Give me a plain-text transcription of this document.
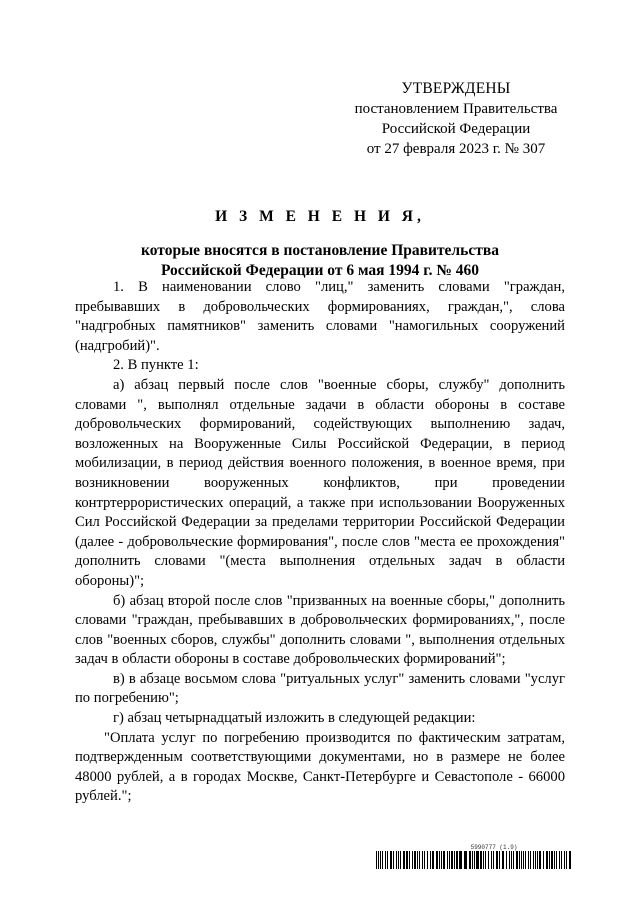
УТВЕРЖДЕНЫ
постановлением Правительства
Российской Федерации
от 27 февраля 2023 г. № 307
И З М Е Н Е Н И Я,
которые вносятся в постановление Правительства
Российской Федерации от 6 мая 1994 г. № 460

1. В наименовании слово "лиц," заменить словами "граждан, пребывавших в добровольческих формированиях, граждан,", слова "надгробных памятников" заменить словами "намогильных сооружений (надгробий)".

2. В пункте 1:

а) абзац первый после слов "военные сборы, службу" дополнить словами ", выполнял отдельные задачи в области обороны в составе добровольческих формирований, содействующих выполнению задач, возложенных на Вооруженные Силы Российской Федерации, в период мобилизации, в период действия военного положения, в военное время, при возникновении вооруженных конфликтов, при проведении контртеррористических операций, а также при использовании Вооруженных Сил Российской Федерации за пределами территории Российской Федерации (далее - добровольческие формирования", после слов "места ее прохождения" дополнить словами "(места выполнения отдельных задач в области обороны)";

б) абзац второй после слов "призванных на военные сборы," дополнить словами "граждан, пребывавших в добровольческих формированиях,", после слов "военных сборов, службы" дополнить словами ", выполнения отдельных задач в области обороны в составе добровольческих формирований";

в) в абзаце восьмом слова "ритуальных услуг" заменить словами "услуг по погребению";

г) абзац четырнадцатый изложить в следующей редакции:

"Оплата услуг по погребению производится по фактическим затратам, подтвержденным соответствующими документами, но в размере не более 48000 рублей, а в городах Москве, Санкт-Петербурге и Севастополе - 66000 рублей.";

5990777 (1.9)
